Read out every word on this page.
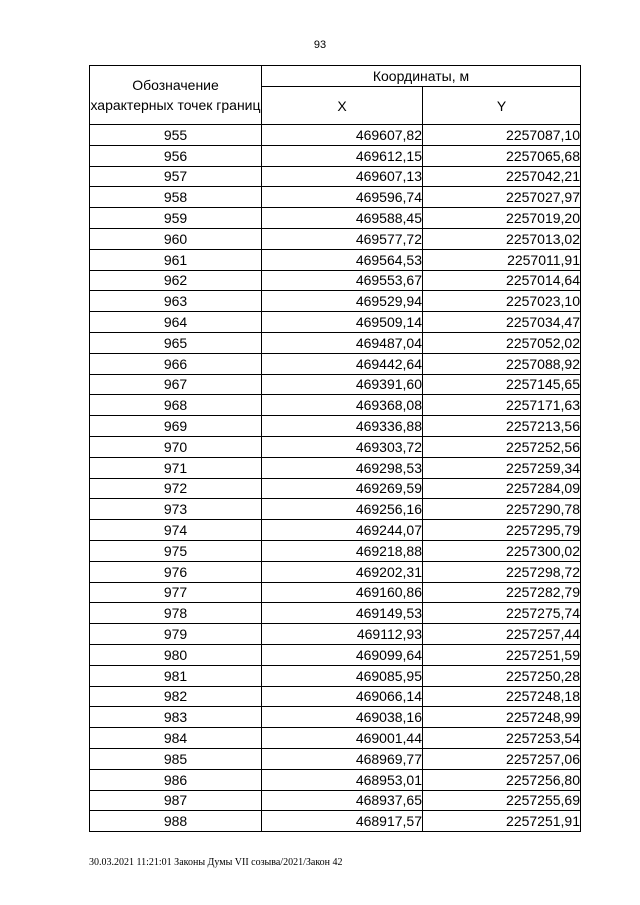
93
Обозначение характерных точек границ	Координаты, м	
	X	Y
955	469607,82	2257087,10
956	469612,15	2257065,68
957	469607,13	2257042,21
958	469596,74	2257027,97
959	469588,45	2257019,20
960	469577,72	2257013,02
961	469564,53	2257011,91
962	469553,67	2257014,64
963	469529,94	2257023,10
964	469509,14	2257034,47
965	469487,04	2257052,02
966	469442,64	2257088,92
967	469391,60	2257145,65
968	469368,08	2257171,63
969	469336,88	2257213,56
970	469303,72	2257252,56
971	469298,53	2257259,34
972	469269,59	2257284,09
973	469256,16	2257290,78
974	469244,07	2257295,79
975	469218,88	2257300,02
976	469202,31	2257298,72
977	469160,86	2257282,79
978	469149,53	2257275,74
979	469112,93	2257257,44
980	469099,64	2257251,59
981	469085,95	2257250,28
982	469066,14	2257248,18
983	469038,16	2257248,99
984	469001,44	2257253,54
985	468969,77	2257257,06
986	468953,01	2257256,80
987	468937,65	2257255,69
988	468917,57	2257251,91
30.03.2021 11:21:01 Законы Думы VII созыва/2021/Закон 42
